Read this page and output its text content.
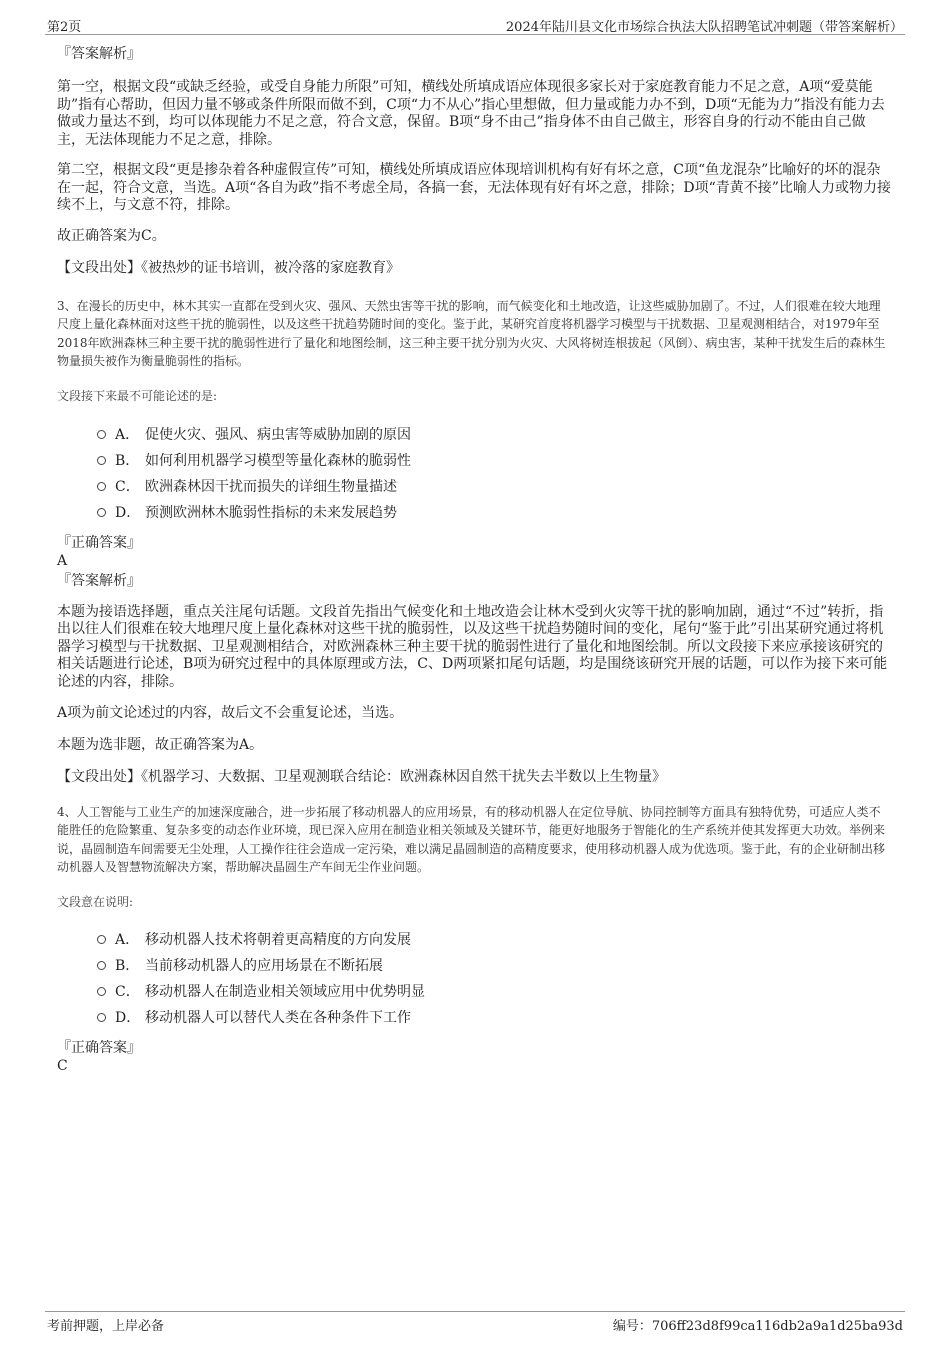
第2页	2024年陆川县文化市场综合执法大队招聘笔试冲刺题（带答案解析）

『答案解析』

第一空，根据文段“或缺乏经验，或受自身能力所限”可知，横线处所填成语应体现很多家长对于家庭教育能力不足之意，A项“爱莫能助”指有心帮助，但因力量不够或条件所限而做不到，C项“力不从心”指心里想做，但力量或能力办不到，D项“无能为力”指没有能力去做或力量达不到，均可以体现能力不足之意，符合文意，保留。B项“身不由己”指身体不由自己做主，形容自身的行动不能由自己做主，无法体现能力不足之意，排除。

第二空，根据文段“更是掺杂着各种虚假宣传”可知，横线处所填成语应体现培训机构有好有坏之意，C项“鱼龙混杂”比喻好的坏的混杂在一起，符合文意，当选。A项“各自为政”指不考虑全局，各搞一套，无法体现有好有坏之意，排除；D项“青黄不接”比喻人力或物力接续不上，与文意不符，排除。

故正确答案为C。

【文段出处】《被热炒的证书培训，被冷落的家庭教育》

3、在漫长的历史中，林木其实一直都在受到火灾、强风、天然虫害等干扰的影响，而气候变化和土地改造，让这些威胁加剧了。不过，人们很难在较大地理尺度上量化森林面对这些干扰的脆弱性，以及这些干扰趋势随时间的变化。鉴于此，某研究首度将机器学习模型与干扰数据、卫星观测相结合，对1979年至2018年欧洲森林三种主要干扰的脆弱性进行了量化和地图绘制，这三种主要干扰分别为火灾、大风将树连根拔起（风倒）、病虫害，某种干扰发生后的森林生物量损失被作为衡量脆弱性的指标。

文段接下来最不可能论述的是:

A． 促使火灾、强风、病虫害等威胁加剧的原因
B． 如何利用机器学习模型等量化森林的脆弱性
C． 欧洲森林因干扰而损失的详细生物量描述
D． 预测欧洲林木脆弱性指标的未来发展趋势

『正确答案』

A

『答案解析』

本题为接语选择题，重点关注尾句话题。文段首先指出气候变化和土地改造会让林木受到火灾等干扰的影响加剧，通过“不过”转折，指出以往人们很难在较大地理尺度上量化森林对这些干扰的脆弱性，以及这些干扰趋势随时间的变化，尾句“鉴于此”引出某研究通过将机器学习模型与干扰数据、卫星观测相结合，对欧洲森林三种主要干扰的脆弱性进行了量化和地图绘制。所以文段接下来应承接该研究的相关话题进行论述，B项为研究过程中的具体原理或方法，C、D两项紧扣尾句话题，均是围绕该研究开展的话题，可以作为接下来可能论述的内容，排除。

A项为前文论述过的内容，故后文不会重复论述，当选。

本题为选非题，故正确答案为A。

【文段出处】《机器学习、大数据、卫星观测联合结论：欧洲森林因自然干扰失去半数以上生物量》

4、人工智能与工业生产的加速深度融合，进一步拓展了移动机器人的应用场景，有的移动机器人在定位导航、协同控制等方面具有独特优势，可适应人类不能胜任的危险繁重、复杂多变的动态作业环境，现已深入应用在制造业相关领域及关键环节，能更好地服务于智能化的生产系统并使其发挥更大功效。举例来说，晶圆制造车间需要无尘处理，人工操作往往会造成一定污染，难以满足晶圆制造的高精度要求，使用移动机器人成为优选项。鉴于此，有的企业研制出移动机器人及智慧物流解决方案，帮助解决晶圆生产车间无尘作业问题。

文段意在说明:

A． 移动机器人技术将朝着更高精度的方向发展
B． 当前移动机器人的应用场景在不断拓展
C． 移动机器人在制造业相关领域应用中优势明显
D． 移动机器人可以替代人类在各种条件下工作

『正确答案』

C

考前押题，上岸必备	编号：706ff23d8f99ca116db2a9a1d25ba93d
